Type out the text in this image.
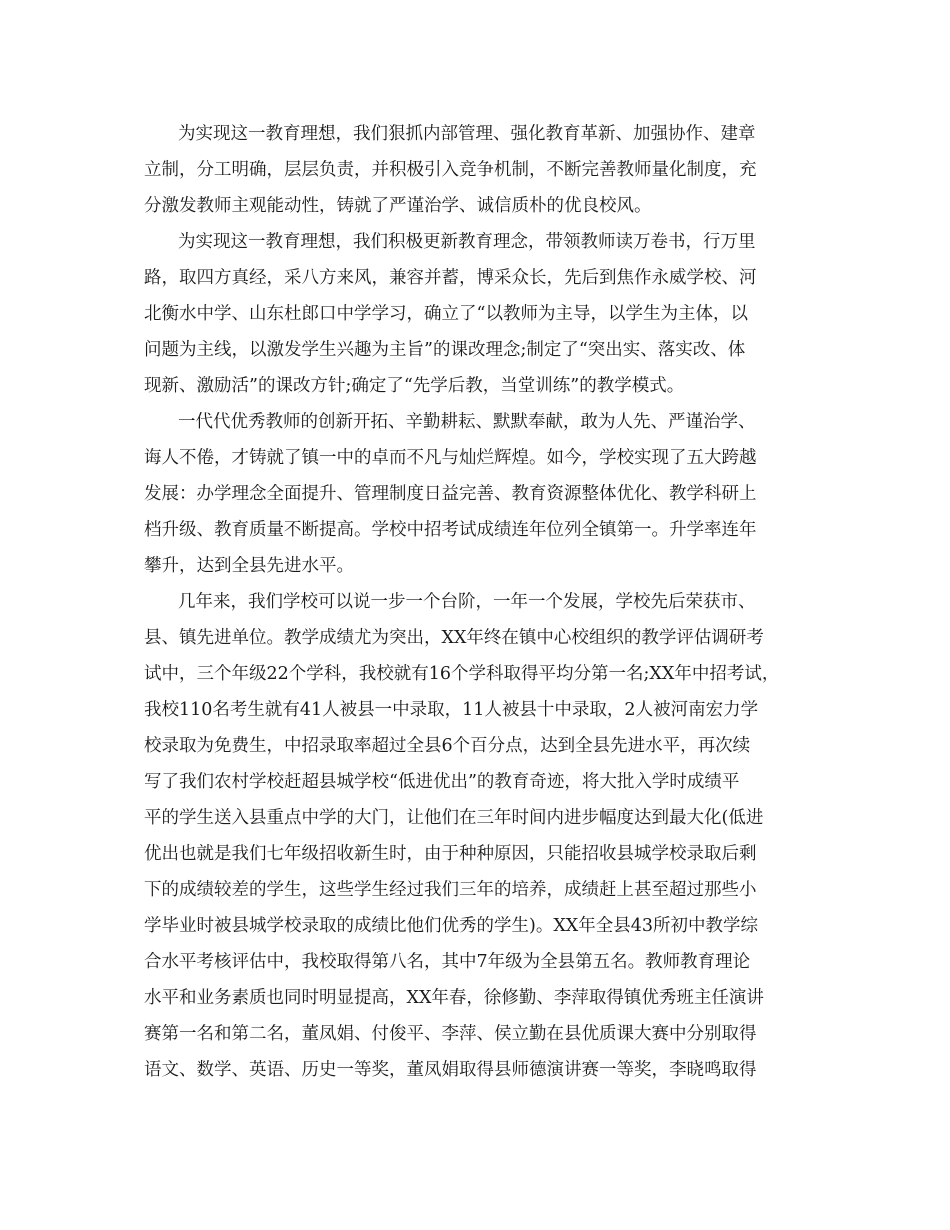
为实现这一教育理想，我们狠抓内部管理、强化教育革新、加强协作、建章
立制，分工明确，层层负责，并积极引入竞争机制，不断完善教师量化制度，充
分激发教师主观能动性，铸就了严谨治学、诚信质朴的优良校风。
为实现这一教育理想，我们积极更新教育理念，带领教师读万卷书，行万里
路，取四方真经，采八方来风，兼容并蓄，博采众长，先后到焦作永威学校、河
北衡水中学、山东杜郎口中学学习，确立了“以教师为主导，以学生为主体，以
问题为主线，以激发学生兴趣为主旨”的课改理念;制定了“突出实、落实改、体
现新、激励活”的课改方针;确定了“先学后教，当堂训练”的教学模式。
一代代优秀教师的创新开拓、辛勤耕耘、默默奉献，敢为人先、严谨治学、
诲人不倦，才铸就了镇一中的卓而不凡与灿烂辉煌。如今，学校实现了五大跨越
发展：办学理念全面提升、管理制度日益完善、教育资源整体优化、教学科研上
档升级、教育质量不断提高。学校中招考试成绩连年位列全镇第一。升学率连年
攀升，达到全县先进水平。
几年来，我们学校可以说一步一个台阶，一年一个发展，学校先后荣获市、
县、镇先进单位。教学成绩尤为突出，XX年终在镇中心校组织的教学评估调研考
试中，三个年级22个学科，我校就有16个学科取得平均分第一名;XX年中招考试，
我校110名考生就有41人被县一中录取，11人被县十中录取，2人被河南宏力学
校录取为免费生，中招录取率超过全县6个百分点，达到全县先进水平，再次续
写了我们农村学校赶超县城学校“低进优出”的教育奇迹，将大批入学时成绩平
平的学生送入县重点中学的大门，让他们在三年时间内进步幅度达到最大化(低进
优出也就是我们七年级招收新生时，由于种种原因，只能招收县城学校录取后剩
下的成绩较差的学生，这些学生经过我们三年的培养，成绩赶上甚至超过那些小
学毕业时被县城学校录取的成绩比他们优秀的学生)。XX年全县43所初中教学综
合水平考核评估中，我校取得第八名，其中7年级为全县第五名。教师教育理论
水平和业务素质也同时明显提高，XX年春，徐修勤、李萍取得镇优秀班主任演讲
赛第一名和第二名，董凤娟、付俊平、李萍、侯立勤在县优质课大赛中分别取得
语文、数学、英语、历史一等奖，董凤娟取得县师德演讲赛一等奖，李晓鸣取得
